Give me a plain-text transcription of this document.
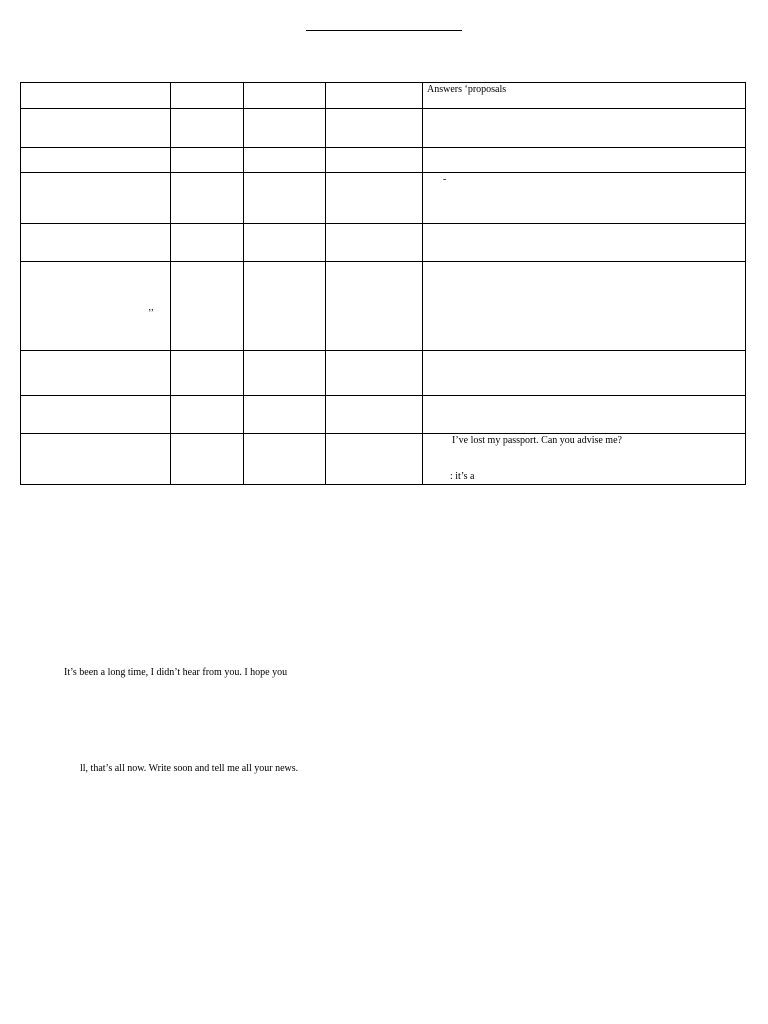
				Answers ‘proposals

				-

’’				

				I’ve lost my passport. Can you advise me?
: it’s a
It’s been a long time, I didn’t hear from you. I hope you
ll, that’s all now. Write soon and tell me all your news.
